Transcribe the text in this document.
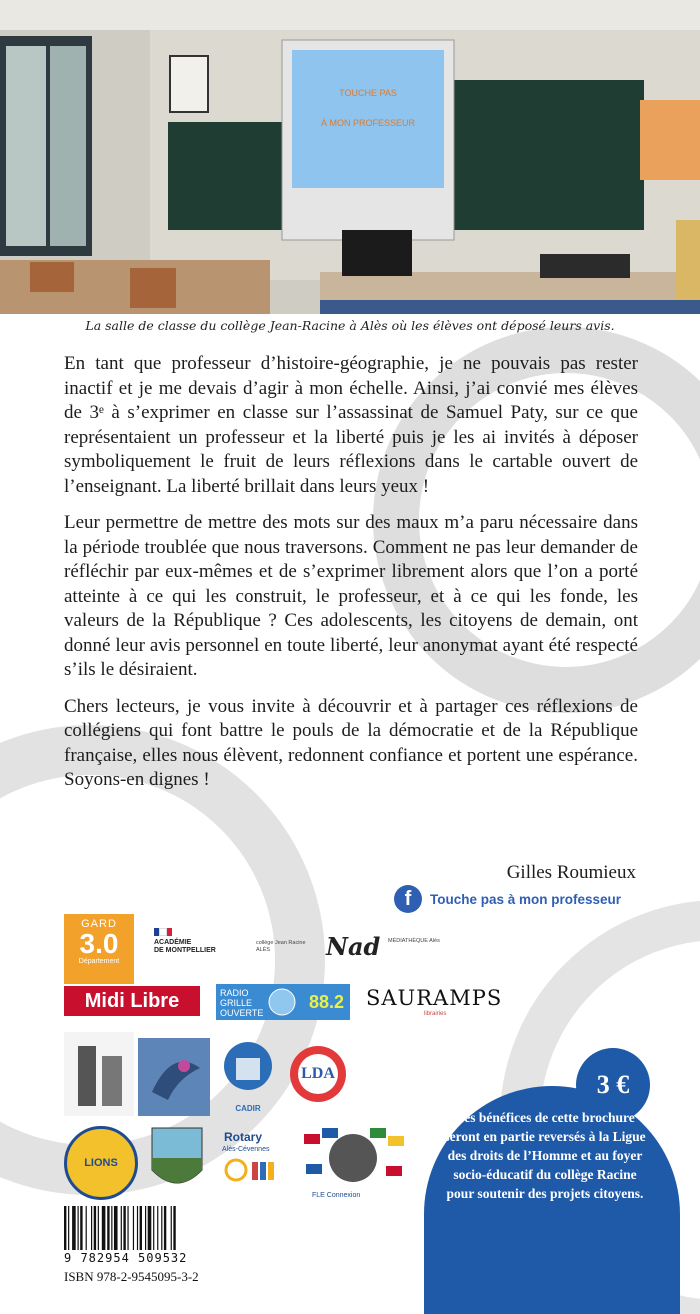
TOUCHE PAS
À MON PROFESSEUR
La salle de classe du collège Jean-Racine à Alès où les élèves ont déposé leurs avis.

En tant que professeur d’histoire-géographie, je ne pouvais pas rester inactif et je me devais d’agir à mon échelle. Ainsi, j’ai convié mes élèves de 3ᵉ à s’exprimer en classe sur l’assassinat de Samuel Paty, sur ce que représentaient un professeur et la liberté puis je les ai invités à déposer symboliquement le fruit de leurs réflexions dans le cartable ouvert de l’enseignant. La liberté brillait dans leurs yeux !

Leur permettre de mettre des mots sur des maux m’a paru nécessaire dans la période troublée que nous traversons. Comment ne pas leur demander de réfléchir par eux-mêmes et de s’exprimer librement alors que l’on a porté atteinte à ce qui les construit, le professeur, et à ce qui les fonde, les valeurs de la République ? Ces adolescents, les citoyens de demain, ont donné leur avis personnel en toute liberté, leur anonymat ayant été respecté s’ils le désiraient.

Chers lecteurs, je vous invite à découvrir et à partager ces réflexions de collégiens qui font battre le pouls de la démocratie et de la République française, elles nous élèvent, redonnent confiance et portent une espérance. Soyons-en dignes !

Gilles Roumieux
f	Touche pas à mon professeur
GARD
3.0
Département
ACADÉMIE
DE MONTPELLIER
collège Jean Racine ALÈS	Nad MÉDIATHÈQUE Alès
Midi Libre	RADIO
GRILLE
OUVERTE
88.2 SAURAMPS
librairies
CADIR
LDA
LIONS
Rotary
Alès-Cévennes
FLE Connexion
9 782954 509532
ISBN 978-2-9545095-3-2
3 €
Les bénéfices de cette brochure seront en partie reversés à la Ligue des droits de l’Homme et au foyer socio-éducatif du collège Racine pour soutenir des projets citoyens.
